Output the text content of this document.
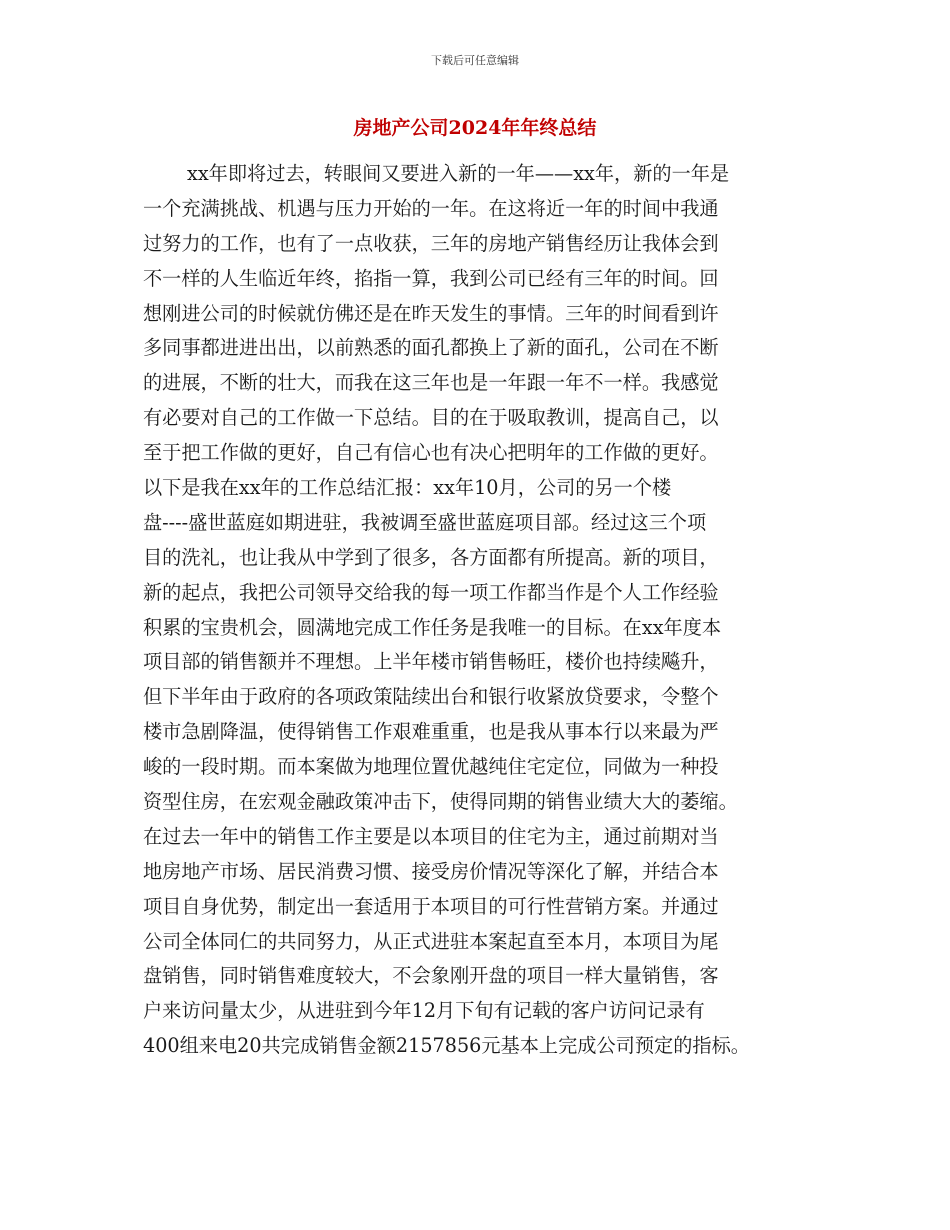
下载后可任意编辑
房地产公司2024年年终总结
xx年即将过去，转眼间又要进入新的一年——xx年，新的一年是
一个充满挑战、机遇与压力开始的一年。在这将近一年的时间中我通
过努力的工作，也有了一点收获，三年的房地产销售经历让我体会到
不一样的人生临近年终，掐指一算，我到公司已经有三年的时间。回
想刚进公司的时候就仿佛还是在昨天发生的事情。三年的时间看到许
多同事都进进出出，以前熟悉的面孔都换上了新的面孔，公司在不断
的进展，不断的壮大，而我在这三年也是一年跟一年不一样。我感觉
有必要对自己的工作做一下总结。目的在于吸取教训，提高自己，以
至于把工作做的更好，自己有信心也有决心把明年的工作做的更好。
以下是我在xx年的工作总结汇报：xx年10月，公司的另一个楼
盘----盛世蓝庭如期进驻，我被调至盛世蓝庭项目部。经过这三个项
目的洗礼，也让我从中学到了很多，各方面都有所提高。新的项目，
新的起点，我把公司领导交给我的每一项工作都当作是个人工作经验
积累的宝贵机会，圆满地完成工作任务是我唯一的目标。在xx年度本
项目部的销售额并不理想。上半年楼市销售畅旺，楼价也持续飚升，
但下半年由于政府的各项政策陆续出台和银行收紧放贷要求，令整个
楼市急剧降温，使得销售工作艰难重重，也是我从事本行以来最为严
峻的一段时期。而本案做为地理位置优越纯住宅定位，同做为一种投
资型住房，在宏观金融政策冲击下，使得同期的销售业绩大大的萎缩。
在过去一年中的销售工作主要是以本项目的住宅为主，通过前期对当
地房地产市场、居民消费习惯、接受房价情况等深化了解，并结合本
项目自身优势，制定出一套适用于本项目的可行性营销方案。并通过
公司全体同仁的共同努力，从正式进驻本案起直至本月，本项目为尾
盘销售，同时销售难度较大，不会象刚开盘的项目一样大量销售，客
户来访问量太少，从进驻到今年12月下旬有记载的客户访问记录有
400组来电20共完成销售金额2157856元基本上完成公司预定的指标。
